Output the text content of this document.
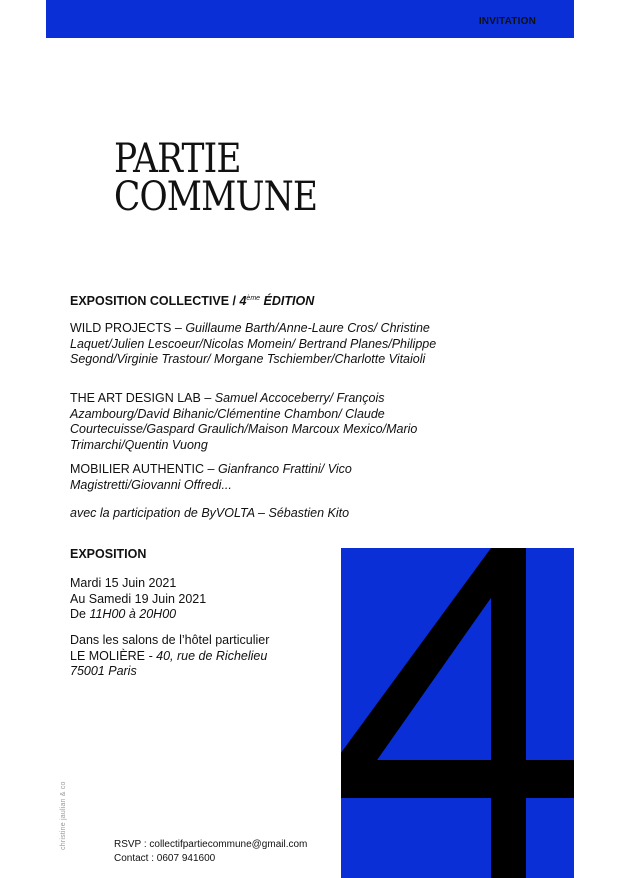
INVITATION
PARTIE
COMMUNE
EXPOSITION COLLECTIVE / 4ème ÉDITION
WILD PROJECTS – Guillaume Barth/Anne-Laure Cros/ Christine Laquet/Julien Lescoeur/Nicolas Momein/ Bertrand Planes/Philippe Segond/Virginie Trastour/ Morgane Tschiember/Charlotte Vitaioli
THE ART DESIGN LAB – Samuel Accoceberry/ François Azambourg/David Bihanic/Clémentine Chambon/ Claude Courtecuisse/Gaspard Graulich/Maison Marcoux Mexico/Mario Trimarchi/Quentin Vuong
MOBILIER AUTHENTIC – Gianfranco Frattini/ Vico Magistretti/Giovanni Offredi...
avec la participation de ByVOLTA – Sébastien Kito
EXPOSITION
Mardi 15 Juin 2021
Au Samedi 19 Juin 2021
De 11H00 à 20H00
Dans les salons de l’hôtel particulier
LE MOLIÈRE - 40, rue de Richelieu
75001 Paris
christine jaulian & co	RSVP : collectifpartiecommune@gmail.com
Contact : 0607 941600
